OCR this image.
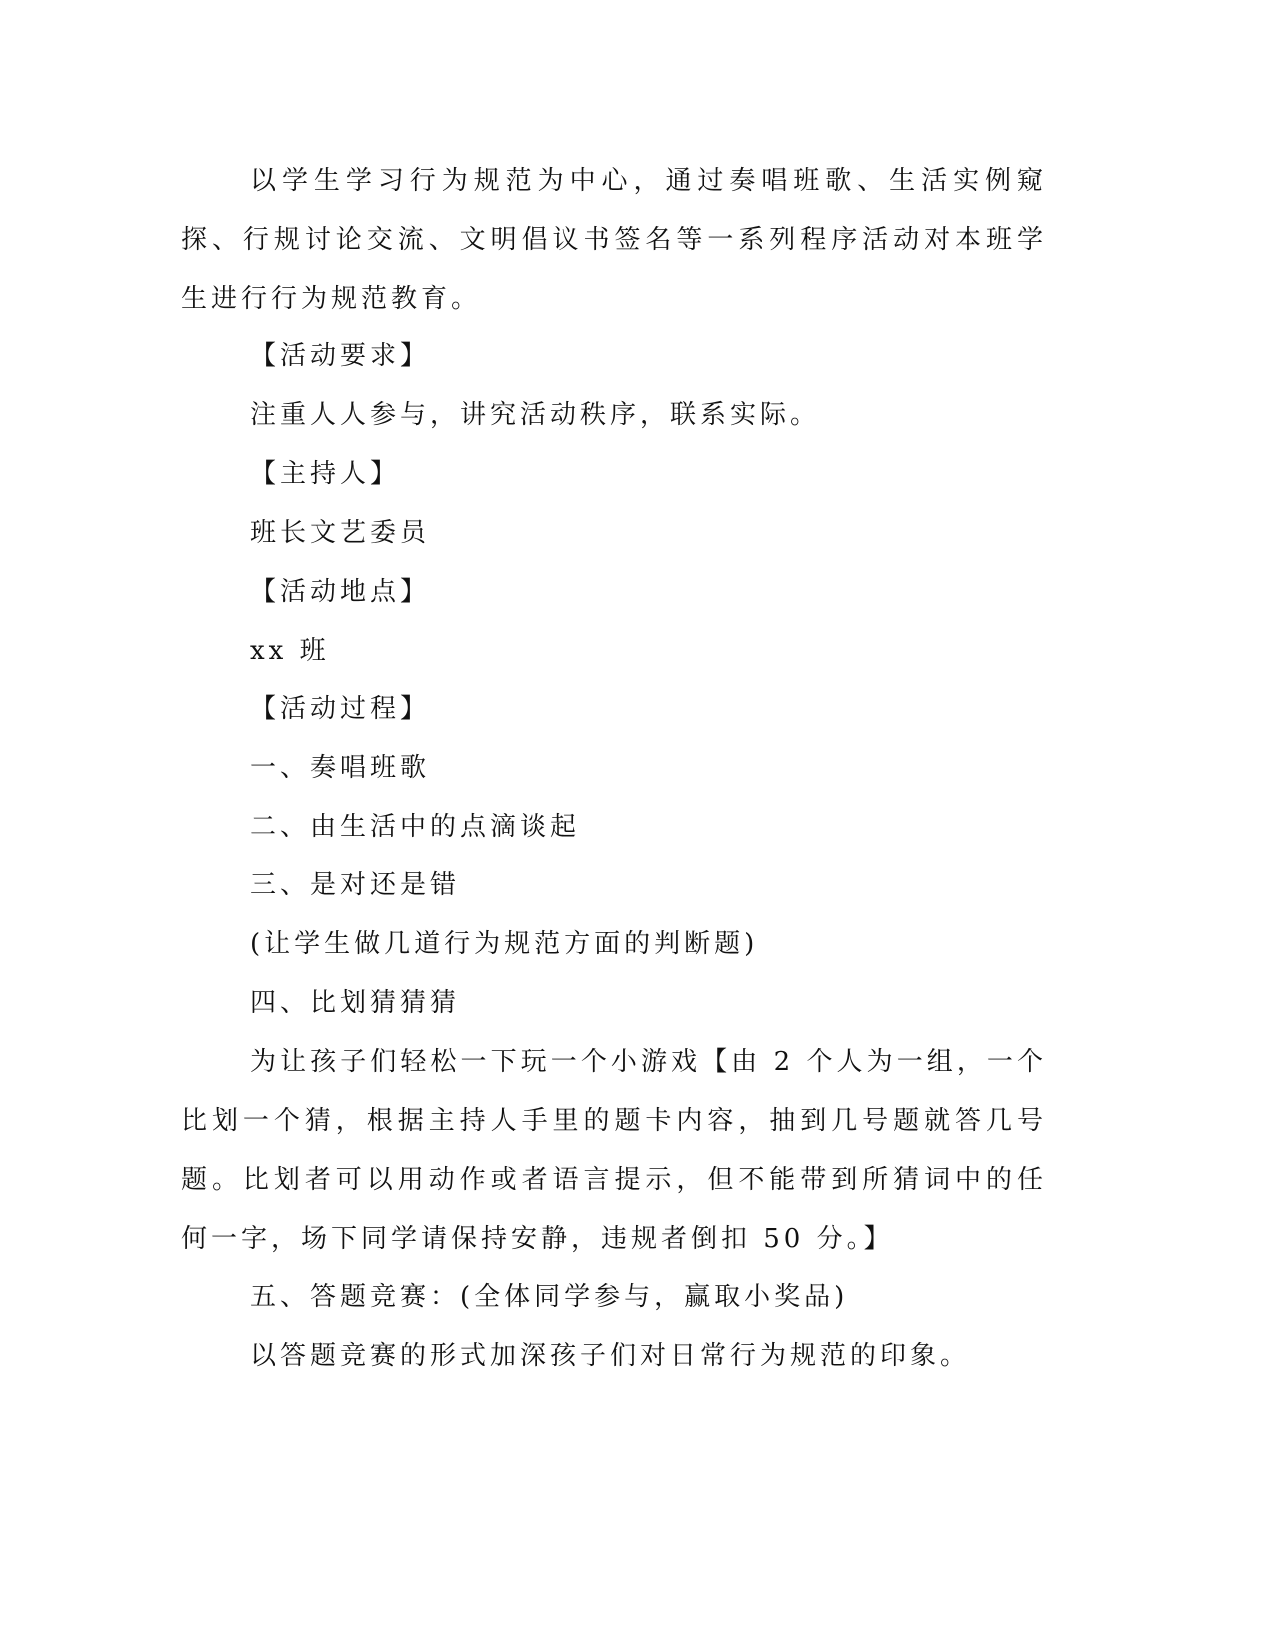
以学生学习行为规范为中心，通过奏唱班歌、生活实例窥探、行规讨论交流、文明倡议书签名等一系列程序活动对本班学生进行行为规范教育。
【活动要求】
注重人人参与，讲究活动秩序，联系实际。
【主持人】
班长文艺委员
【活动地点】
xx 班
【活动过程】
一、奏唱班歌
二、由生活中的点滴谈起
三、是对还是错
(让学生做几道行为规范方面的判断题)
四、比划猜猜猜
为让孩子们轻松一下玩一个小游戏【由 2 个人为一组，一个比划一个猜，根据主持人手里的题卡内容，抽到几号题就答几号题。比划者可以用动作或者语言提示，但不能带到所猜词中的任何一字，场下同学请保持安静，违规者倒扣 50 分。】
五、答题竞赛：(全体同学参与，赢取小奖品)
以答题竞赛的形式加深孩子们对日常行为规范的印象。
